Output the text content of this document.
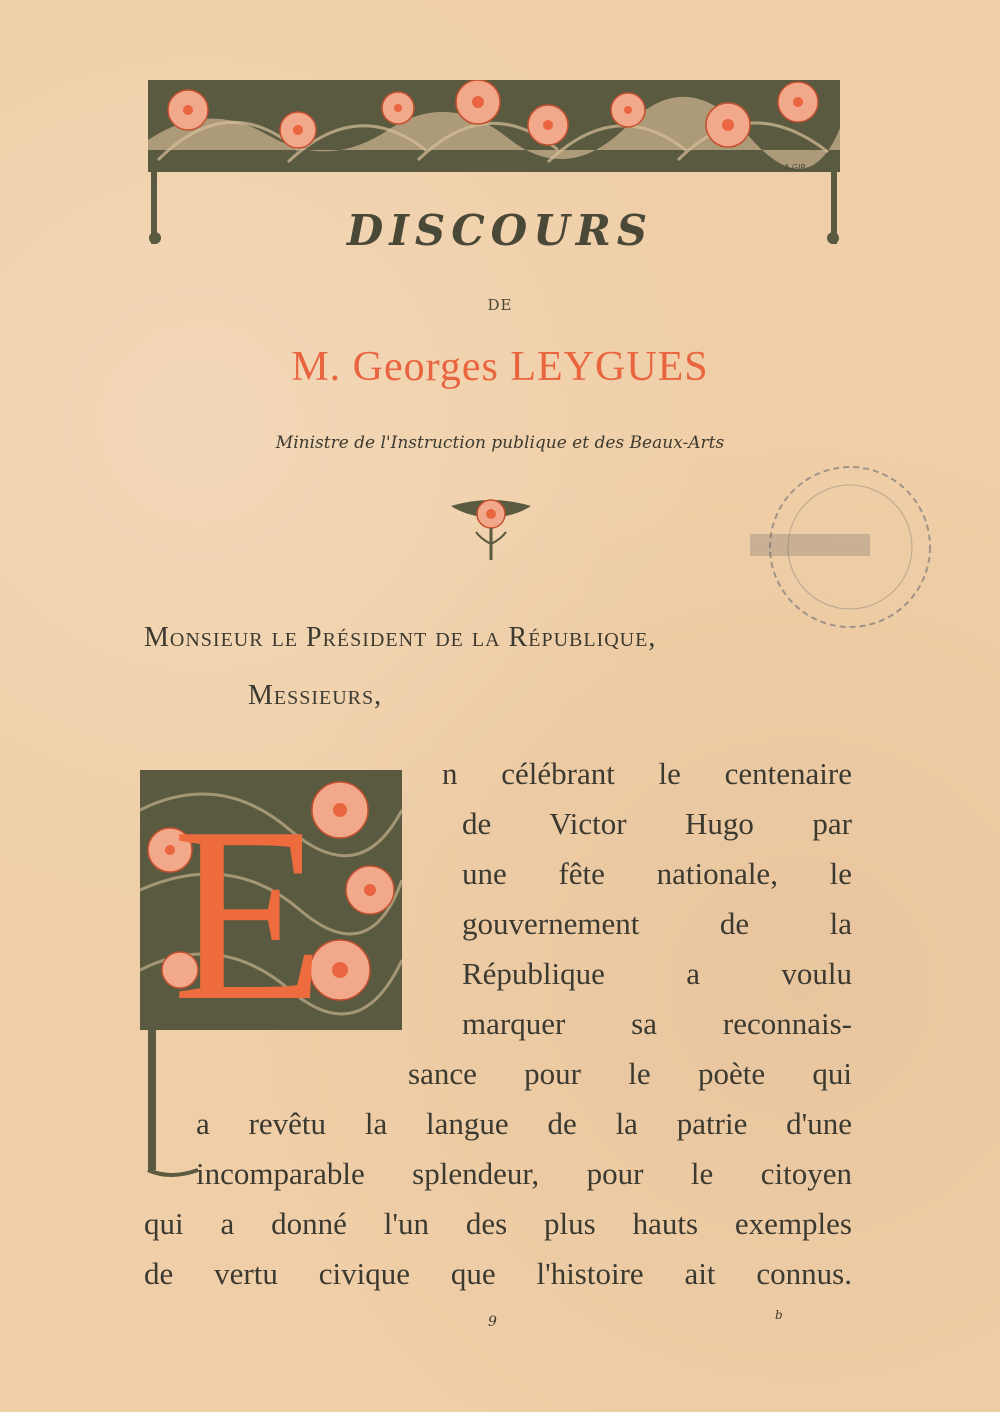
A.GIR.
DISCOURS
DE
M. Georges LEYGUES
Ministre de l'Instruction publique et des Beaux-Arts
Monsieur le Président de la République,
Messieurs,
E
n célébrant le centenaire
de Victor Hugo par
une fête nationale, le
gouvernement de la
République a voulu
marquer sa reconnais-
sance pour le poète qui
a revêtu la langue de la patrie d'une
incomparable splendeur, pour le citoyen
qui a donné l'un des plus hauts exemples
de vertu civique que l'histoire ait connus.
9	b
